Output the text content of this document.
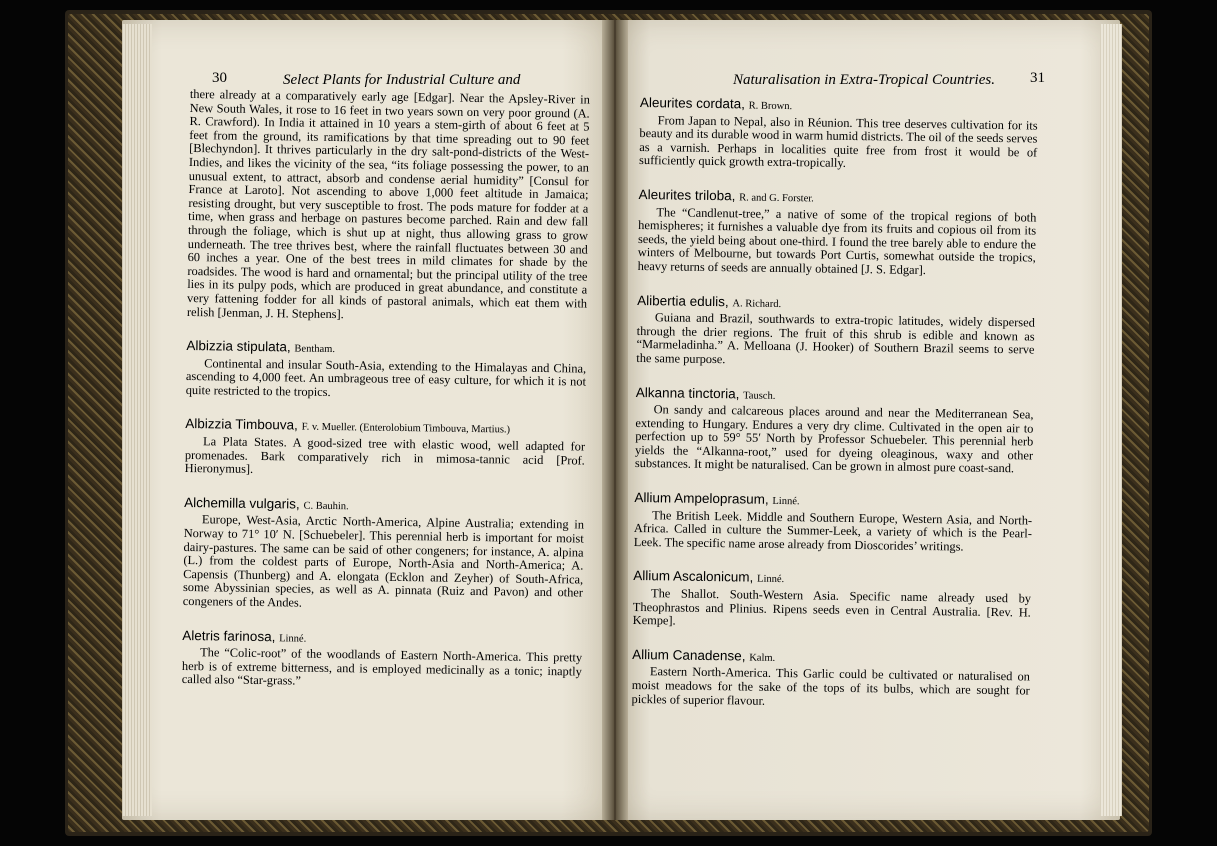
30	Select Plants for Industrial Culture and	31
Naturalisation in Extra-Tropical Countries.

there already at a comparatively early age [Edgar]. Near the Apsley-River in New South Wales, it rose to 16 feet in two years sown on very poor ground (A. R. Crawford). In India it attained in 10 years a stem-girth of about 6 feet at 5 feet from the ground, its ramifications by that time spreading out to 90 feet [Blechyndon]. It thrives particularly in the dry salt-pond-districts of the West-Indies, and likes the vicinity of the sea, “its foliage possessing the power, to an unusual extent, to attract, absorb and condense aerial humidity” [Consul for France at Laroto]. Not ascending to above 1,000 feet altitude in Jamaica; resisting drought, but very susceptible to frost. The pods mature for fodder at a time, when grass and herbage on pastures become parched. Rain and dew fall through the foliage, which is shut up at night, thus allowing grass to grow underneath. The tree thrives best, where the rainfall fluctuates between 30 and 60 inches a year. One of the best trees in mild climates for shade by the roadsides. The wood is hard and ornamental; but the principal utility of the tree lies in its pulpy pods, which are produced in great abundance, and constitute a very fattening fodder for all kinds of pastoral animals, which eat them with relish [Jenman, J. H. Stephens].

Albizzia stipulata, Bentham.

Continental and insular South-Asia, extending to the Himalayas and China, ascending to 4,000 feet. An umbrageous tree of easy culture, for which it is not quite restricted to the tropics.

Albizzia Timbouva, F. v. Mueller. (Enterolobium Timbouva, Martius.)

La Plata States. A good-sized tree with elastic wood, well adapted for promenades. Bark comparatively rich in mimosa-tannic acid [Prof. Hieronymus].

Alchemilla vulgaris, C. Bauhin.

Europe, West-Asia, Arctic North-America, Alpine Australia; extending in Norway to 71° 10′ N. [Schuebeler]. This perennial herb is important for moist dairy-pastures. The same can be said of other congeners; for instance, A. alpina (L.) from the coldest parts of Europe, North-Asia and North-America; A. Capensis (Thunberg) and A. elongata (Ecklon and Zeyher) of South-Africa, some Abyssinian species, as well as A. pinnata (Ruiz and Pavon) and other congeners of the Andes.

Aletris farinosa, Linné.

The “Colic-root” of the woodlands of Eastern North-America. This pretty herb is of extreme bitterness, and is employed medicinally as a tonic; inaptly called also “Star-grass.”

Aleurites cordata, R. Brown.

From Japan to Nepal, also in Réunion. This tree deserves cultivation for its beauty and its durable wood in warm humid districts. The oil of the seeds serves as a varnish. Perhaps in localities quite free from frost it would be of sufficiently quick growth extra-tropically.

Aleurites triloba, R. and G. Forster.

The “Candlenut-tree,” a native of some of the tropical regions of both hemispheres; it furnishes a valuable dye from its fruits and copious oil from its seeds, the yield being about one-third. I found the tree barely able to endure the winters of Melbourne, but towards Port Curtis, somewhat outside the tropics, heavy returns of seeds are annually obtained [J. S. Edgar].

Alibertia edulis, A. Richard.

Guiana and Brazil, southwards to extra-tropic latitudes, widely dispersed through the drier regions. The fruit of this shrub is edible and known as “Marmeladinha.” A. Melloana (J. Hooker) of Southern Brazil seems to serve the same purpose.

Alkanna tinctoria, Tausch.

On sandy and calcareous places around and near the Mediterranean Sea, extending to Hungary. Endures a very dry clime. Cultivated in the open air to perfection up to 59° 55′ North by Professor Schuebeler. This perennial herb yields the “Alkanna-root,” used for dyeing oleaginous, waxy and other substances. It might be naturalised. Can be grown in almost pure coast-sand.

Allium Ampeloprasum, Linné.

The British Leek. Middle and Southern Europe, Western Asia, and North-Africa. Called in culture the Summer-Leek, a variety of which is the Pearl-Leek. The specific name arose already from Dioscorides’ writings.

Allium Ascalonicum, Linné.

The Shallot. South-Western Asia. Specific name already used by Theophrastos and Plinius. Ripens seeds even in Central Australia. [Rev. H. Kempe].

Allium Canadense, Kalm.

Eastern North-America. This Garlic could be cultivated or naturalised on moist meadows for the sake of the tops of its bulbs, which are sought for pickles of superior flavour.
